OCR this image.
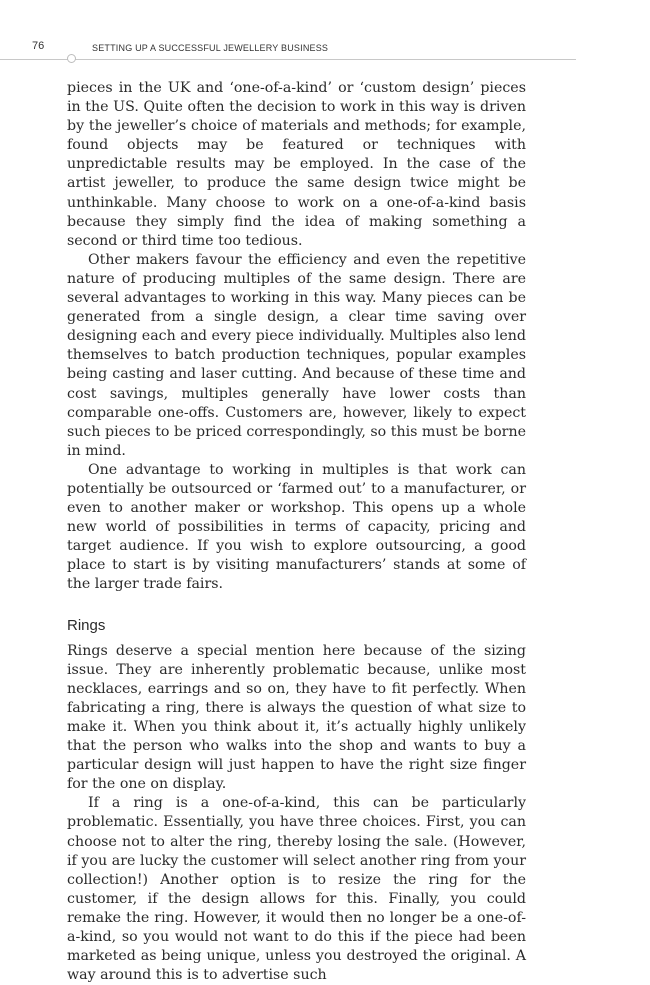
76	SETTING UP A SUCCESSFUL JEWELLERY BUSINESS

pieces in the UK and ‘one-of-a-kind’ or ‘custom design’ pieces in the US. Quite often the decision to work in this way is driven by the jeweller’s choice of materials and methods; for example, found objects may be featured or techniques with unpredictable results may be employed. In the case of the artist jeweller, to produce the same design twice might be unthinkable. Many choose to work on a one-of-a-kind basis because they simply find the idea of making something a second or third time too tedious.

Other makers favour the efficiency and even the repetitive nature of producing multiples of the same design. There are several advantages to working in this way. Many pieces can be generated from a single design, a clear time saving over designing each and every piece individually. Multiples also lend themselves to batch production techniques, popular examples being casting and laser cutting. And because of these time and cost savings, multiples generally have lower costs than comparable one-offs. Customers are, however, likely to expect such pieces to be priced correspondingly, so this must be borne in mind.

One advantage to working in multiples is that work can potentially be outsourced or ‘farmed out’ to a manufacturer, or even to another maker or workshop. This opens up a whole new world of possibilities in terms of capacity, pricing and target audience. If you wish to explore outsourcing, a good place to start is by visiting manufacturers’ stands at some of the larger trade fairs.

Rings

Rings deserve a special mention here because of the sizing issue. They are inherently problematic because, unlike most necklaces, earrings and so on, they have to fit perfectly. When fabricating a ring, there is always the question of what size to make it. When you think about it, it’s actually highly unlikely that the person who walks into the shop and wants to buy a particular design will just happen to have the right size finger for the one on display.

If a ring is a one-of-a-kind, this can be particularly problematic. Essentially, you have three choices. First, you can choose not to alter the ring, thereby losing the sale. (However, if you are lucky the customer will select another ring from your collection!) Another option is to resize the ring for the customer, if the design allows for this. Finally, you could remake the ring. However, it would then no longer be a one-of-a-kind, so you would not want to do this if the piece had been marketed as being unique, unless you destroyed the original. A way around this is to advertise such
